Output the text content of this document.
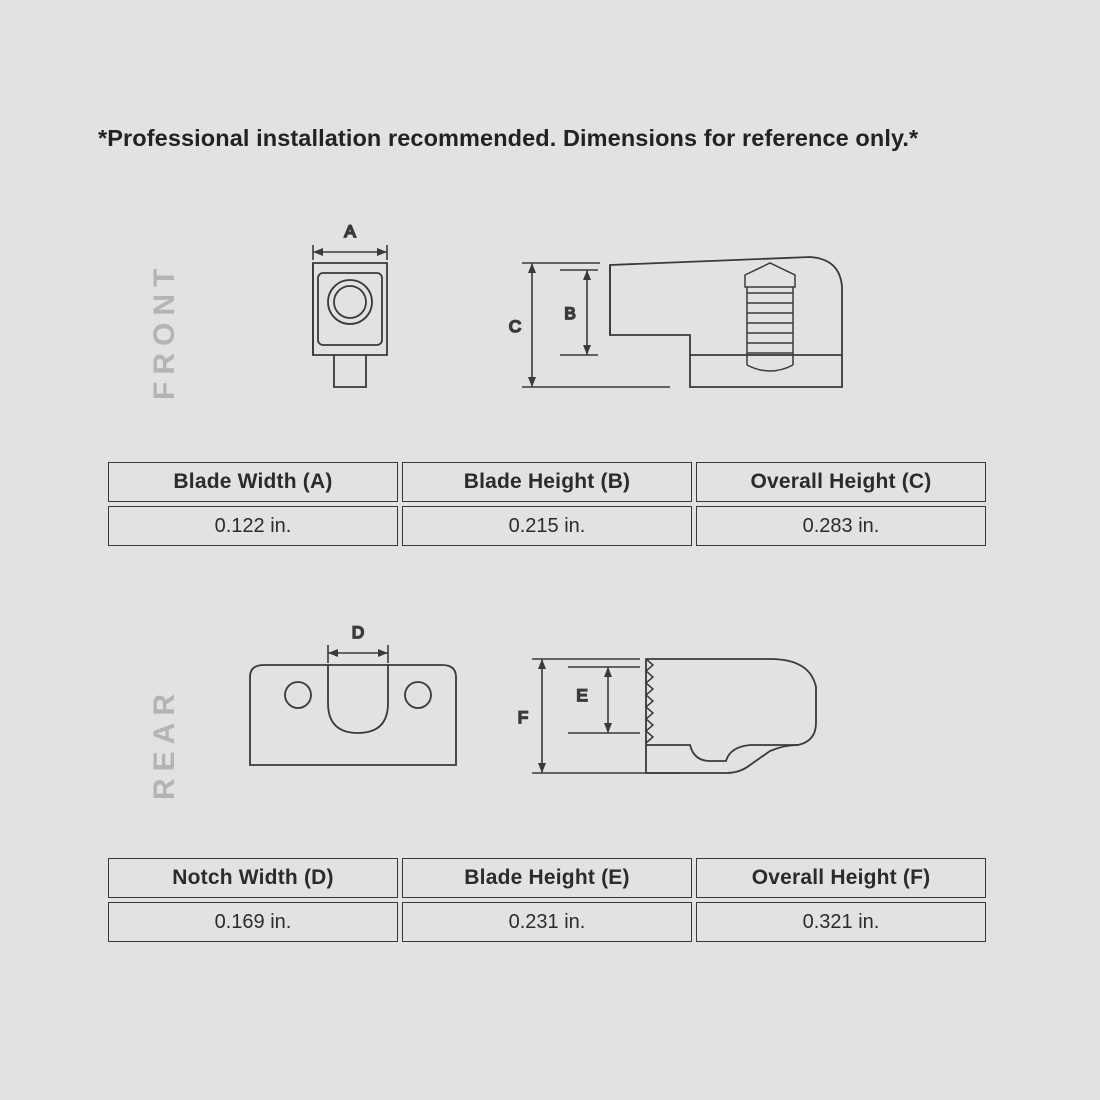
*Professional installation recommended. Dimensions for reference only.*
FRONT
A
C
B
Blade Width (A)	Blade Height (B)	Overall Height (C)
0.122 in.	0.215 in.	0.283 in.
REAR
D
F
E
Notch Width (D)	Blade Height (E)	Overall Height (F)
0.169 in.	0.231 in.	0.321 in.
